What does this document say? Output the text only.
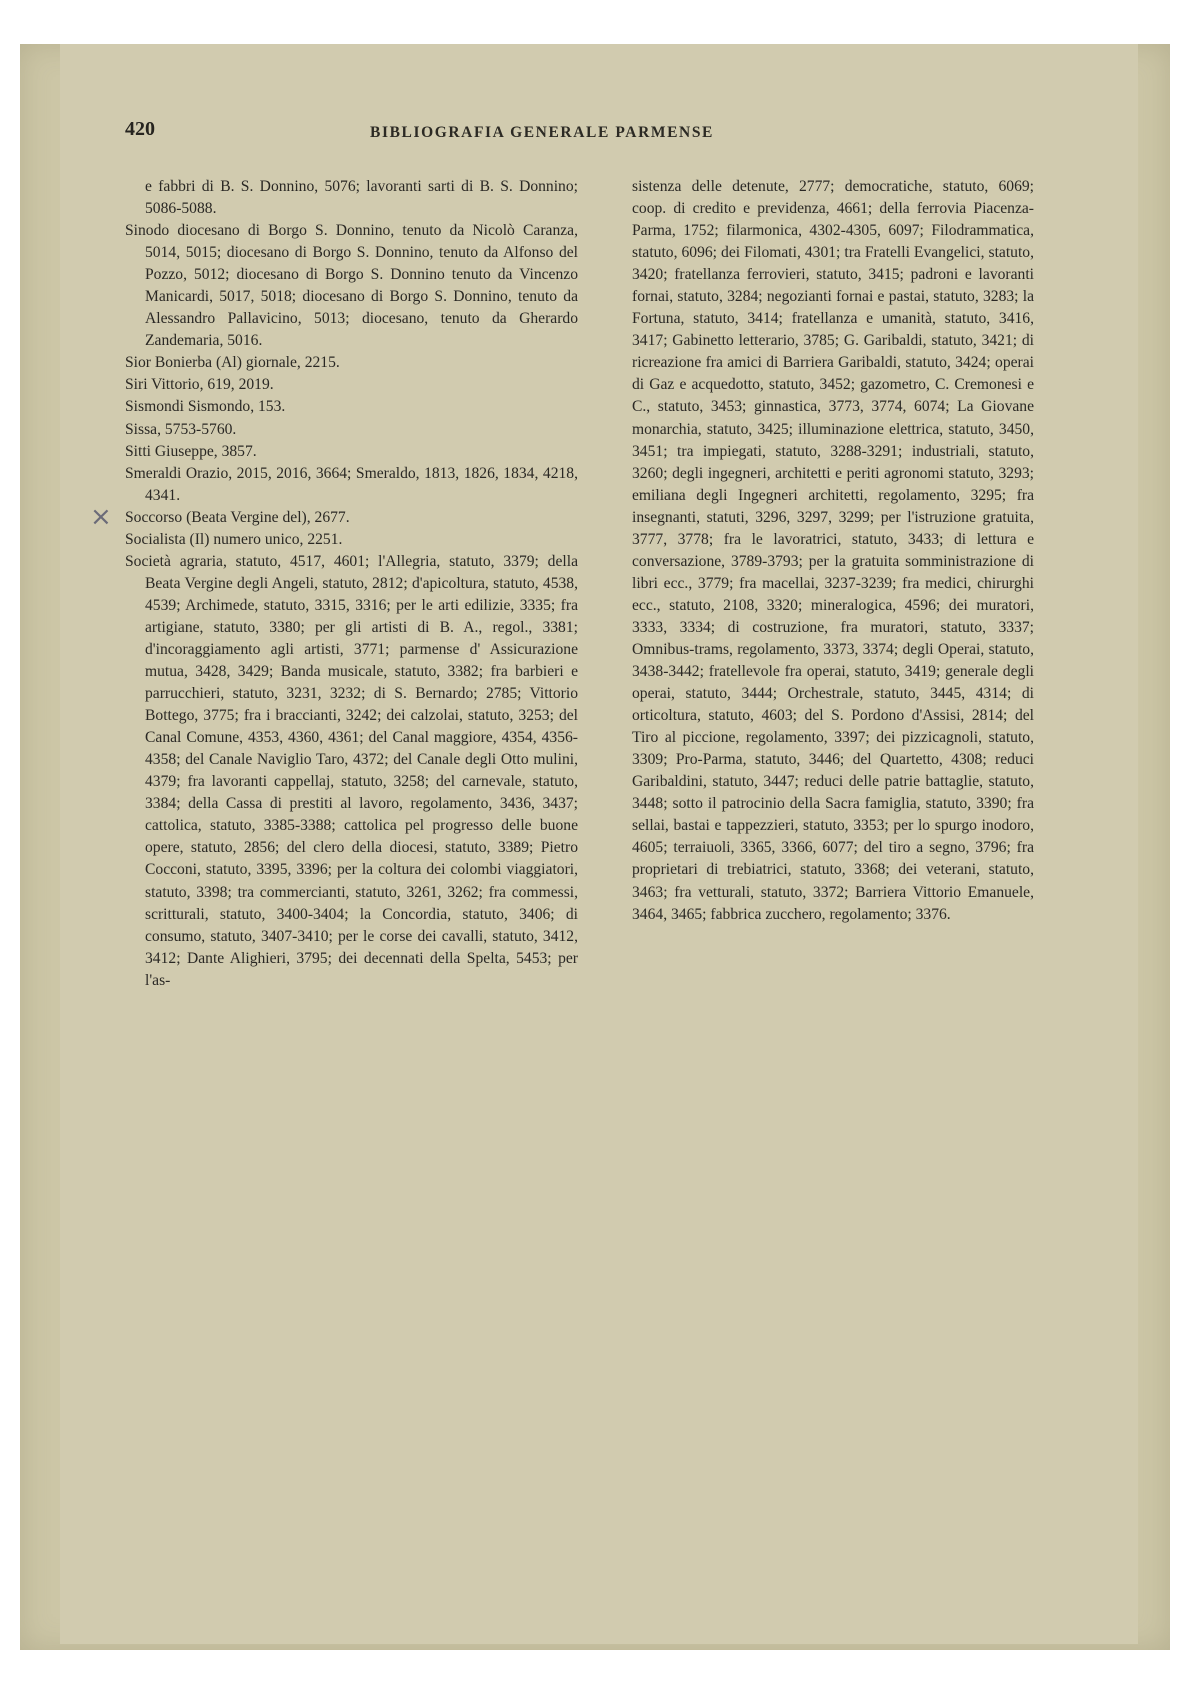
420	BIBLIOGRAFIA GENERALE PARMENSE
×

e fabbri di B. S. Donnino, 5076; lavoranti sarti di B. S. Donnino; 5086-5088.

Sinodo diocesano di Borgo S. Donnino, tenuto da Nicolò Caranza, 5014, 5015; diocesano di Borgo S. Donnino, tenuto da Alfonso del Pozzo, 5012; diocesano di Borgo S. Donnino tenuto da Vincenzo Manicardi, 5017, 5018; diocesano di Borgo S. Donnino, tenuto da Alessandro Pallavicino, 5013; diocesano, tenuto da Gherardo Zandemaria, 5016.

Sior Bonierba (Al) giornale, 2215.

Siri Vittorio, 619, 2019.

Sismondi Sismondo, 153.

Sissa, 5753-5760.

Sitti Giuseppe, 3857.

Smeraldi Orazio, 2015, 2016, 3664; Smeraldo, 1813, 1826, 1834, 4218, 4341.

Soccorso (Beata Vergine del), 2677.

Socialista (Il) numero unico, 2251.

Società agraria, statuto, 4517, 4601; l'Allegria, statuto, 3379; della Beata Vergine degli Angeli, statuto, 2812; d'apicoltura, statuto, 4538, 4539; Archimede, statuto, 3315, 3316; per le arti edilizie, 3335; fra artigiane, statuto, 3380; per gli artisti di B. A., regol., 3381; d'incoraggiamento agli artisti, 3771; parmense d' Assicurazione mutua, 3428, 3429; Banda musicale, statuto, 3382; fra barbieri e parrucchieri, statuto, 3231, 3232; di S. Bernardo; 2785; Vittorio Bottego, 3775; fra i braccianti, 3242; dei calzolai, statuto, 3253; del Canal Comune, 4353, 4360, 4361; del Canal maggiore, 4354, 4356-4358; del Canale Naviglio Taro, 4372; del Canale degli Otto mulini, 4379; fra lavoranti cappellaj, statuto, 3258; del carnevale, statuto, 3384; della Cassa di prestiti al lavoro, regolamento, 3436, 3437; cattolica, statuto, 3385-3388; cattolica pel progresso delle buone opere, statuto, 2856; del clero della diocesi, statuto, 3389; Pietro Cocconi, statuto, 3395, 3396; per la coltura dei colombi viaggiatori, statuto, 3398; tra commercianti, statuto, 3261, 3262; fra commessi, scritturali, statuto, 3400-3404; la Concordia, statuto, 3406; di consumo, statuto, 3407-3410; per le corse dei cavalli, statuto, 3412, 3412; Dante Alighieri, 3795; dei decennati della Spelta, 5453; per l'as-

sistenza delle detenute, 2777; democratiche, statuto, 6069; coop. di credito e previdenza, 4661; della ferrovia Piacenza-Parma, 1752; filarmonica, 4302-4305, 6097; Filodrammatica, statuto, 6096; dei Filomati, 4301; tra Fratelli Evangelici, statuto, 3420; fratellanza ferrovieri, statuto, 3415; padroni e lavoranti fornai, statuto, 3284; negozianti fornai e pastai, statuto, 3283; la Fortuna, statuto, 3414; fratellanza e umanità, statuto, 3416, 3417; Gabinetto letterario, 3785; G. Garibaldi, statuto, 3421; di ricreazione fra amici di Barriera Garibaldi, statuto, 3424; operai di Gaz e acquedotto, statuto, 3452; gazometro, C. Cremonesi e C., statuto, 3453; ginnastica, 3773, 3774, 6074; La Giovane monarchia, statuto, 3425; illuminazione elettrica, statuto, 3450, 3451; tra impiegati, statuto, 3288-3291; industriali, statuto, 3260; degli ingegneri, architetti e periti agronomi statuto, 3293; emiliana degli Ingegneri architetti, regolamento, 3295; fra insegnanti, statuti, 3296, 3297, 3299; per l'istruzione gratuita, 3777, 3778; fra le lavoratrici, statuto, 3433; di lettura e conversazione, 3789-3793; per la gratuita somministrazione di libri ecc., 3779; fra macellai, 3237-3239; fra medici, chirurghi ecc., statuto, 2108, 3320; mineralogica, 4596; dei muratori, 3333, 3334; di costruzione, fra muratori, statuto, 3337; Omnibus-trams, regolamento, 3373, 3374; degli Operai, statuto, 3438-3442; fratellevole fra operai, statuto, 3419; generale degli operai, statuto, 3444; Orchestrale, statuto, 3445, 4314; di orticoltura, statuto, 4603; del S. Pordono d'Assisi, 2814; del Tiro al piccione, regolamento, 3397; dei pizzicagnoli, statuto, 3309; Pro-Parma, statuto, 3446; del Quartetto, 4308; reduci Garibaldini, statuto, 3447; reduci delle patrie battaglie, statuto, 3448; sotto il patrocinio della Sacra famiglia, statuto, 3390; fra sellai, bastai e tappezzieri, statuto, 3353; per lo spurgo inodoro, 4605; terraiuoli, 3365, 3366, 6077; del tiro a segno, 3796; fra proprietari di trebiatrici, statuto, 3368; dei veterani, statuto, 3463; fra vetturali, statuto, 3372; Barriera Vittorio Emanuele, 3464, 3465; fabbrica zucchero, regolamento; 3376.
